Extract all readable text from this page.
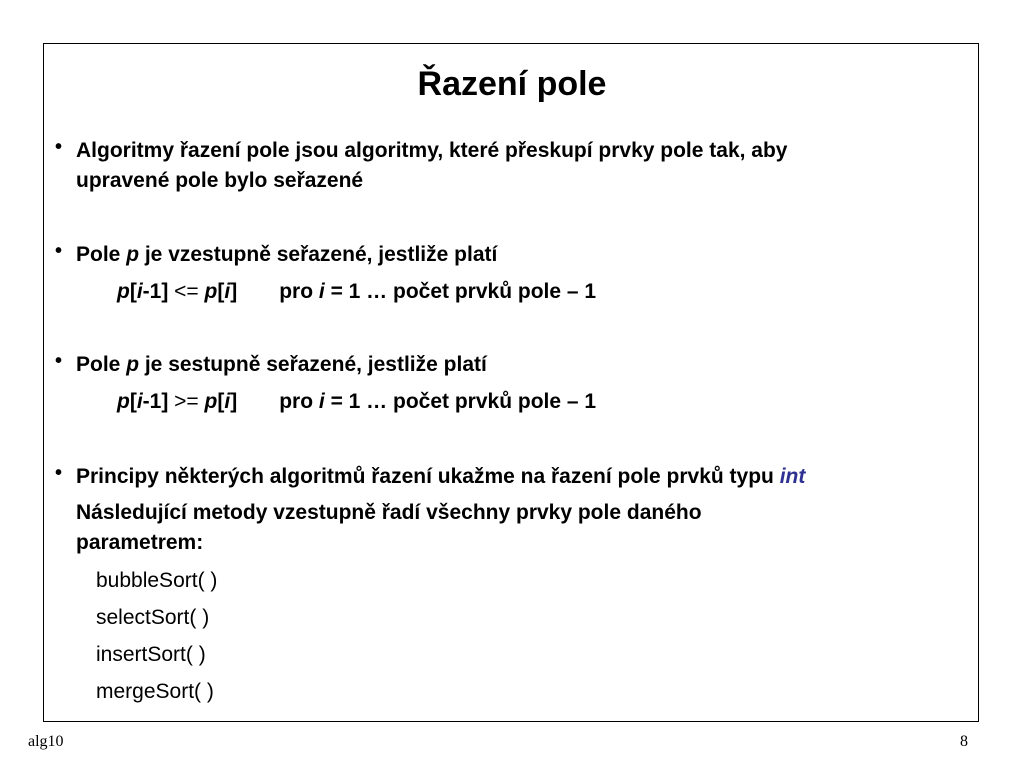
Řazení pole
• Algoritmy řazení pole jsou algoritmy, které přeskupí prvky pole tak, aby
upravené pole bylo seřazené
• Pole p je vzestupně seřazené, jestliže platí
p[i-1] <= p[i] pro i = 1 … počet prvků pole – 1
• Pole p je sestupně seřazené, jestliže platí
p[i-1] >= p[i] pro i = 1 … počet prvků pole – 1
• Principy některých algoritmů řazení ukažme na řazení pole prvků typu int
Následující metody vzestupně řadí všechny prvky pole daného
parametrem:
bubbleSort( )
selectSort( )
insertSort( )
mergeSort( )
alg10	8
